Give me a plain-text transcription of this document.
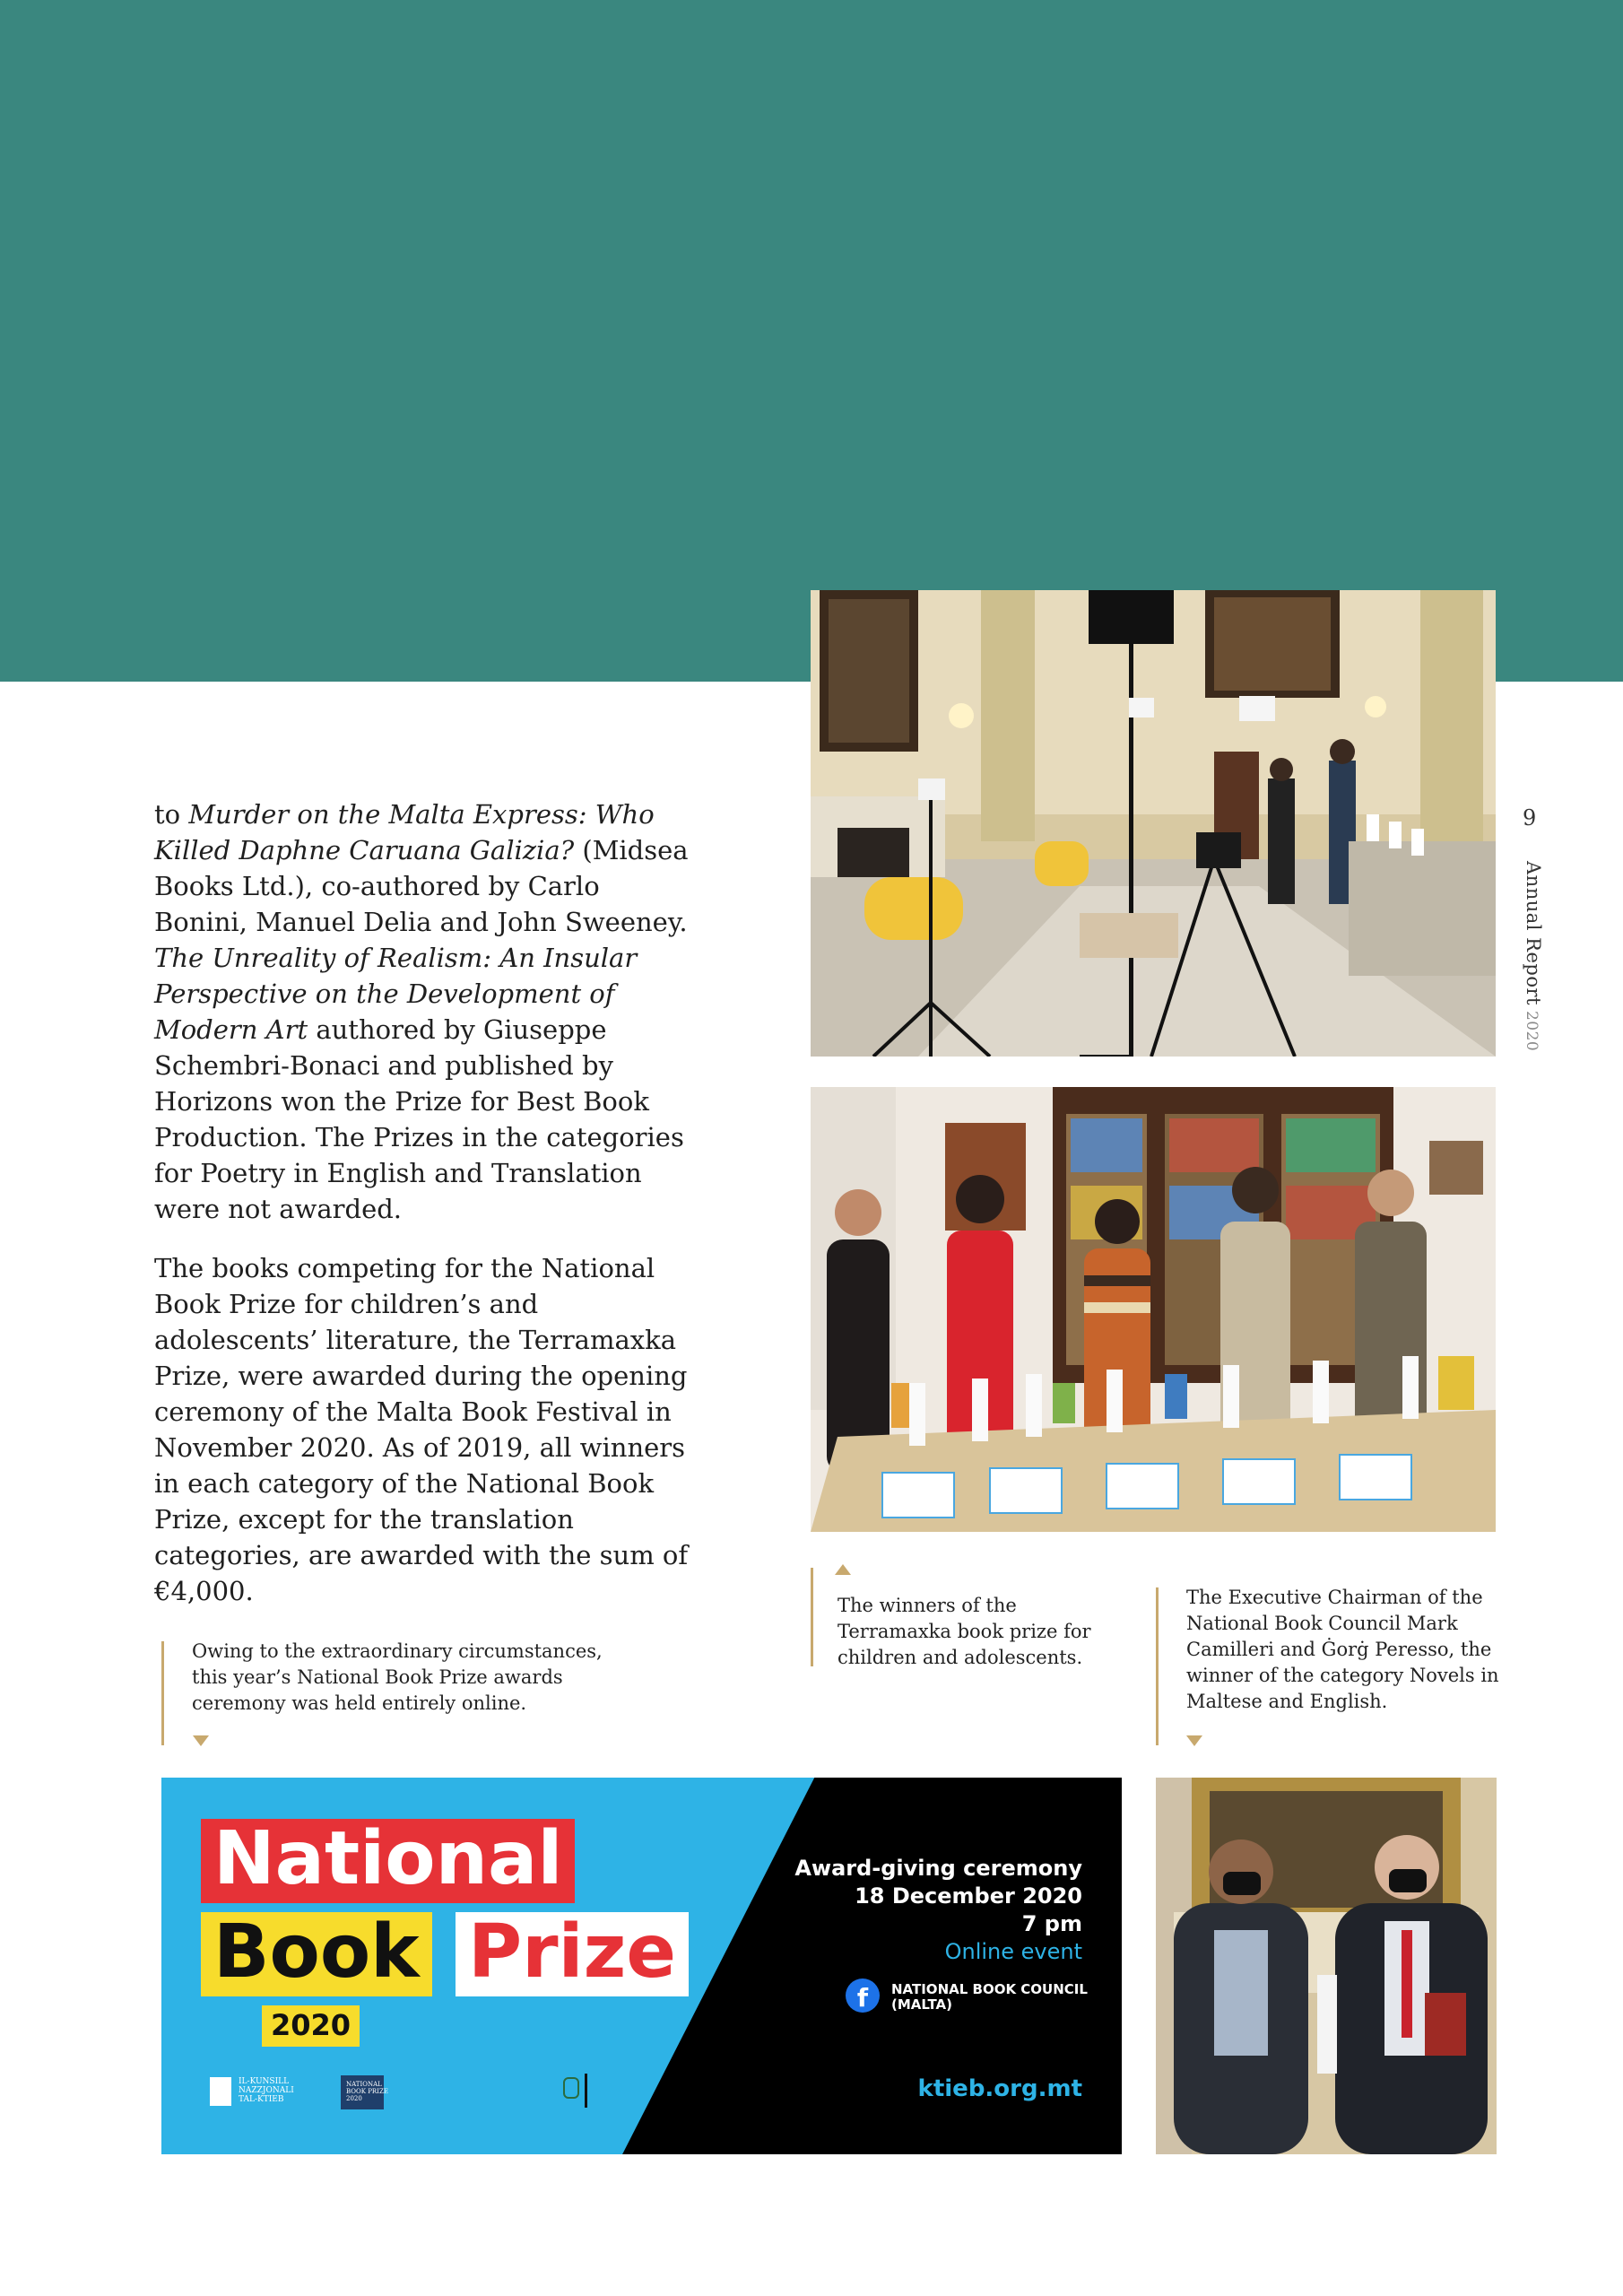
9
Annual Report2020

to Murder on the Malta Express: Who Killed Daphne Caruana Galizia? (Midsea Books Ltd.), co-authored by Carlo Bonini, Manuel Delia and John Sweeney. The Unreality of Realism: An Insular Perspective on the Development of Modern Art authored by Giuseppe Schembri-Bonaci and published by Horizons won the Prize for Best Book Production. The Prizes in the categories for Poetry in English and Translation were not awarded.

The books competing for the National Book Prize for children’s and adolescents’ literature, the Terramaxka Prize, were awarded during the opening ceremony of the Malta Book Festival in November 2020. As of 2019, all winners in each category of the National Book Prize, except for the translation categories, are awarded with the sum of €4,000.

Owing to the extraordinary circumstances, this year’s National Book Prize awards ceremony was held entirely online.
The winners of the Terramaxka book prize for children and adolescents.
The Executive Chairman of the National Book Council Mark Camilleri and Ġorġ Peresso, the winner of the category Novels in Maltese and English.
National
Book Prize
2020
Award-giving ceremony
18 December 2020
7 pm
Online event
f	NATIONAL BOOK COUNCIL
(MALTA)
ktieb.org.mt
IL-KUNSILL
NAZZJONALI
TAL-KTIEB
NATIONAL
BOOK PRIZE
2020
